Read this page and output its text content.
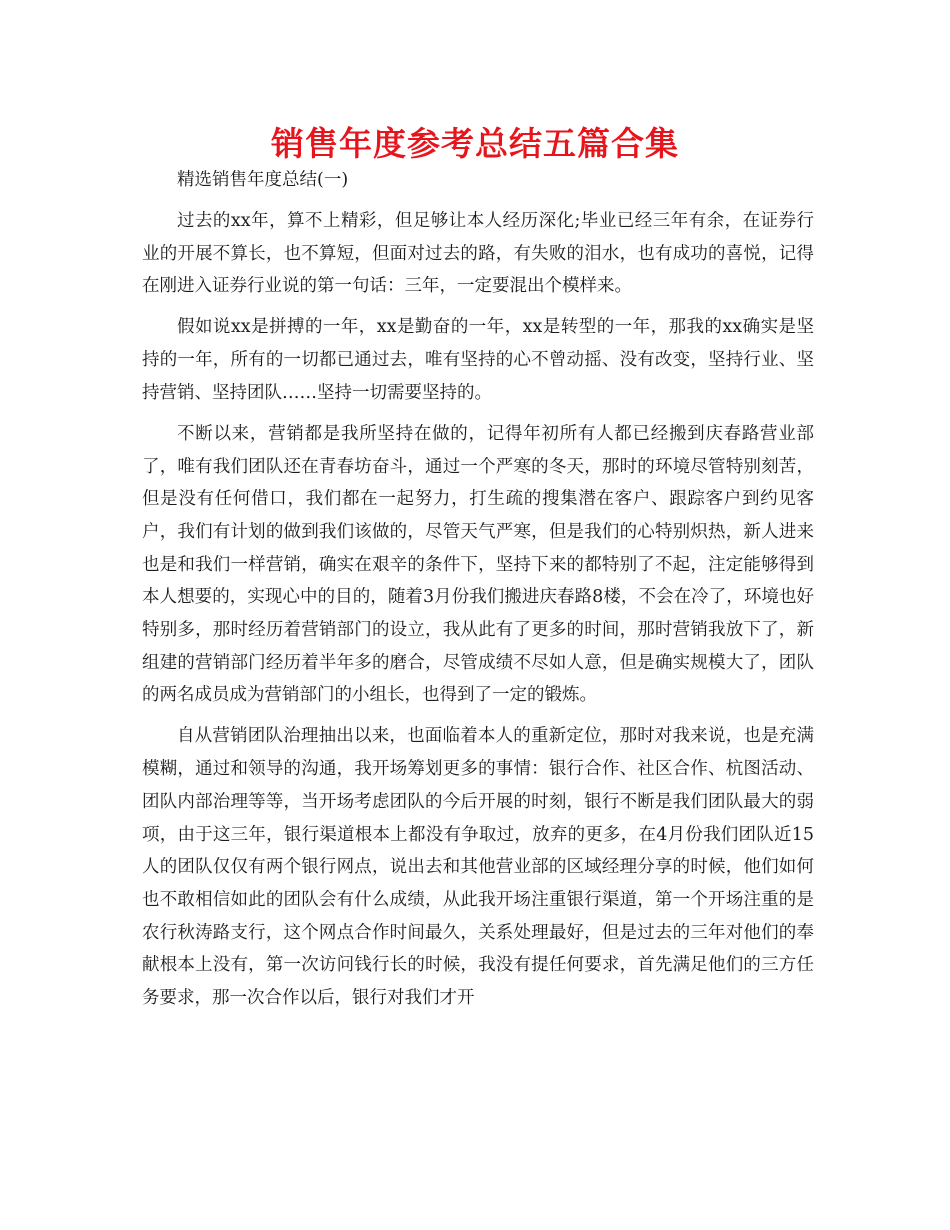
销售年度参考总结五篇合集

精选销售年度总结(一)

过去的xx年，算不上精彩，但足够让本人经历深化;毕业已经三年有余，在证券行业的开展不算长，也不算短，但面对过去的路，有失败的泪水，也有成功的喜悦，记得在刚进入证券行业说的第一句话：三年，一定要混出个模样来。

假如说xx是拼搏的一年，xx是勤奋的一年，xx是转型的一年，那我的xx确实是坚持的一年，所有的一切都已通过去，唯有坚持的心不曾动摇、没有改变，坚持行业、坚持营销、坚持团队……坚持一切需要坚持的。

不断以来，营销都是我所坚持在做的，记得年初所有人都已经搬到庆春路营业部了，唯有我们团队还在青春坊奋斗，通过一个严寒的冬天，那时的环境尽管特别刻苦，但是没有任何借口，我们都在一起努力，打生疏的搜集潜在客户、跟踪客户到约见客户，我们有计划的做到我们该做的，尽管天气严寒，但是我们的心特别炽热，新人进来也是和我们一样营销，确实在艰辛的条件下，坚持下来的都特别了不起，注定能够得到本人想要的，实现心中的目的，随着3月份我们搬进庆春路8楼，不会在冷了，环境也好特别多，那时经历着营销部门的设立，我从此有了更多的时间，那时营销我放下了，新组建的营销部门经历着半年多的磨合，尽管成绩不尽如人意，但是确实规模大了，团队的两名成员成为营销部门的小组长，也得到了一定的锻炼。

自从营销团队治理抽出以来，也面临着本人的重新定位，那时对我来说，也是充满模糊，通过和领导的沟通，我开场筹划更多的事情：银行合作、社区合作、杭图活动、团队内部治理等等，当开场考虑团队的今后开展的时刻，银行不断是我们团队最大的弱项，由于这三年，银行渠道根本上都没有争取过，放弃的更多，在4月份我们团队近15人的团队仅仅有两个银行网点，说出去和其他营业部的区域经理分享的时候，他们如何也不敢相信如此的团队会有什么成绩，从此我开场注重银行渠道，第一个开场注重的是农行秋涛路支行，这个网点合作时间最久，关系处理最好，但是过去的三年对他们的奉献根本上没有，第一次访问钱行长的时候，我没有提任何要求，首先满足他们的三方任务要求，那一次合作以后，银行对我们才开
